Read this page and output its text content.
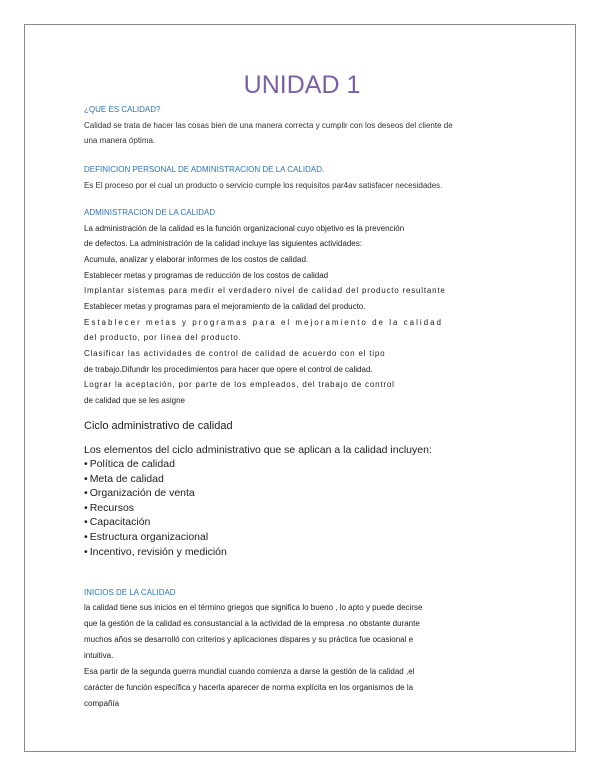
UNIDAD 1

¿QUE ES CALIDAD?

Calidad se trata de hacer las cosas bien de una manera correcta y cumplir con los deseos del cliente de

una manera óptima.

DEFINICION PERSONAL DE ADMINISTRACION DE LA CALIDAD.

Es El proceso por el cual un producto o servicio cumple los requisitos par4av satisfacer necesidades.

ADMINISTRACION DE LA CALIDAD

La administración de la calidad es la función organizacional cuyo objetivo es la prevención

de defectos. La administración de la calidad incluye las siguientes actividades:

Acumula, analizar y elaborar informes de los costos de calidad.

Establecer metas y programas de reducción de los costos de calidad

Implantar sistemas para medir el verdadero nivel de calidad del producto resultante

Establecer metas y programas para el mejoramiento de la calidad del producto.

Establecer metas y programas para el mejoramiento de la calidad

del producto, por línea del producto.

Clasificar las actividades de control de calidad de acuerdo con el tipo

de trabajo.Difundir los procedimientos para hacer que opere el control de calidad.

Lograr la aceptación, por parte de los empleados, del trabajo de control

de calidad que se les asigne

Ciclo administrativo de calidad

Los elementos del ciclo administrativo que se aplican a la calidad incluyen:

• Política de calidad
• Meta de calidad
• Organización de venta
• Recursos
• Capacitación
• Estructura organizacional
• Incentivo, revisión y medición

INICIOS DE LA CALIDAD

la calidad tiene sus inicios en el término griegos que significa lo bueno , lo apto y puede decirse

que la gestión de la calidad es consustancial a la actividad de la empresa .no obstante durante

muchos años se desarrolló con criterios y aplicaciones dispares y su práctica fue ocasional e

intuitiva.

Esa partir de la segunda guerra mundial cuando comienza a darse la gestión de la calidad ,el

carácter de función específica y hacerla aparecer de norma explícita en los organismos de la

compañía
